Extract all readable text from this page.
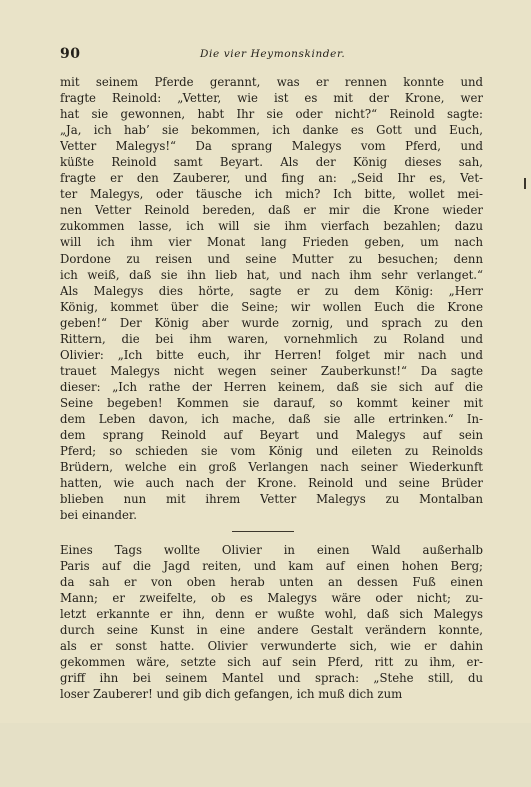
90	Die vier Heymonskinder.
mit seinem Pferde gerannt, was er rennen konnte und
fragte Reinold: „Vetter, wie ist es mit der Krone, wer
hat sie gewonnen, habt Ihr sie oder nicht?“ Reinold sagte:
„Ja, ich hab’ sie bekommen, ich danke es Gott und Euch,
Vetter Malegys!“ Da sprang Malegys vom Pferd, und
küßte Reinold samt Beyart. Als der König dieses sah,
fragte er den Zauberer, und fing an: „Seid Ihr es, Vet-
ter Malegys, oder täusche ich mich? Ich bitte, wollet mei-
nen Vetter Reinold bereden, daß er mir die Krone wieder
zukommen lasse, ich will sie ihm vierfach bezahlen; dazu
will ich ihm vier Monat lang Frieden geben, um nach
Dordone zu reisen und seine Mutter zu besuchen; denn
ich weiß, daß sie ihn lieb hat, und nach ihm sehr verlanget.“
Als Malegys dies hörte, sagte er zu dem König: „Herr
König, kommet über die Seine; wir wollen Euch die Krone
geben!“ Der König aber wurde zornig, und sprach zu den
Rittern, die bei ihm waren, vornehmlich zu Roland und
Olivier: „Ich bitte euch, ihr Herren! folget mir nach und
trauet Malegys nicht wegen seiner Zauberkunst!“ Da sagte
dieser: „Ich rathe der Herren keinem, daß sie sich auf die
Seine begeben! Kommen sie darauf, so kommt keiner mit
dem Leben davon, ich mache, daß sie alle ertrinken.“ In-
dem sprang Reinold auf Beyart und Malegys auf sein
Pferd; so schieden sie vom König und eileten zu Reinolds
Brüdern, welche ein groß Verlangen nach seiner Wiederkunft
hatten, wie auch nach der Krone. Reinold und seine Brüder
blieben nun mit ihrem Vetter Malegys zu Montalban
bei einander.
Eines Tags wollte Olivier in einen Wald außerhalb
Paris auf die Jagd reiten, und kam auf einen hohen Berg;
da sah er von oben herab unten an dessen Fuß einen
Mann; er zweifelte, ob es Malegys wäre oder nicht; zu-
letzt erkannte er ihn, denn er wußte wohl, daß sich Malegys
durch seine Kunst in eine andere Gestalt verändern konnte,
als er sonst hatte. Olivier verwunderte sich, wie er dahin
gekommen wäre, setzte sich auf sein Pferd, ritt zu ihm, er-
griff ihn bei seinem Mantel und sprach: „Stehe still, du
loser Zauberer! und gib dich gefangen, ich muß dich zum
